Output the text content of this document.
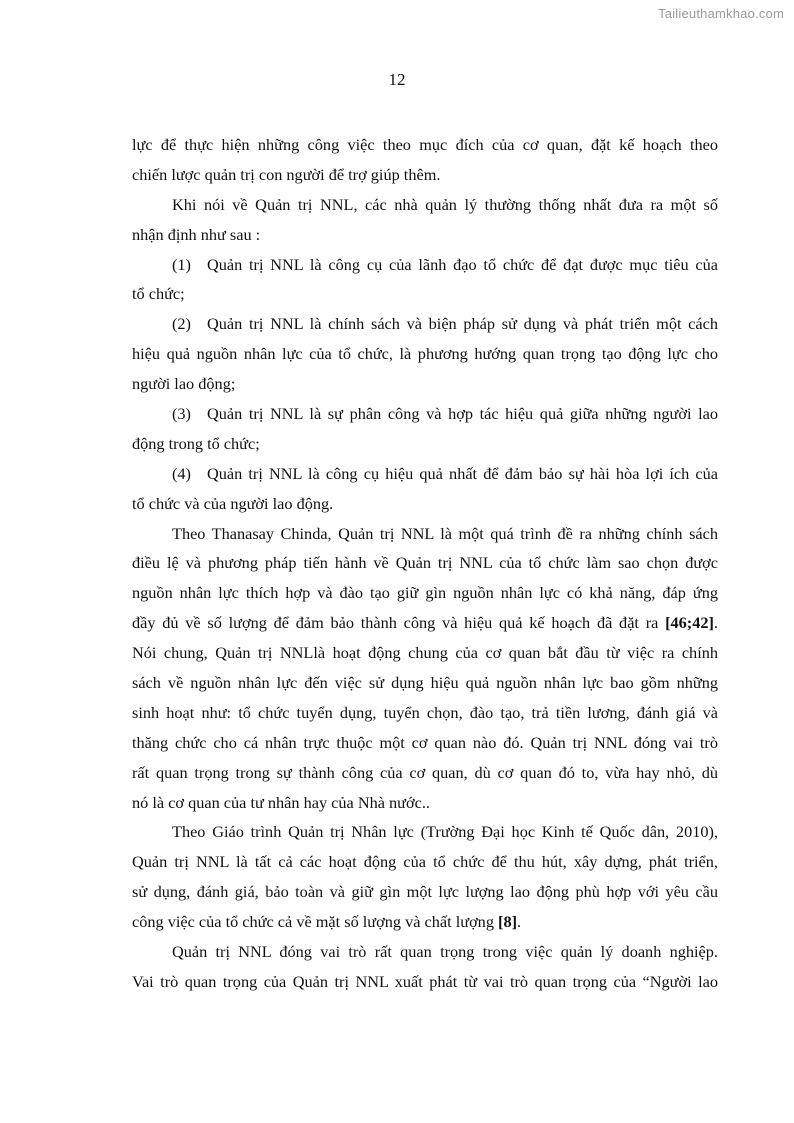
Tailieuthamkhao.com
12
lực để thực hiện những công việc theo mục đích của cơ quan, đặt kế hoạch theo
chiến lược quản trị con người để trợ giúp thêm.
Khi nói về Quản trị NNL, các nhà quản lý thường thống nhất đưa ra một số
nhận định như sau :
(1) Quản trị NNL là công cụ của lãnh đạo tổ chức để đạt được mục tiêu của
tổ chức;
(2) Quản trị NNL là chính sách và biện pháp sử dụng và phát triển một cách
hiệu quả nguồn nhân lực của tổ chức, là phương hướng quan trọng tạo động lực cho
người lao động;
(3) Quản trị NNL là sự phân công và hợp tác hiệu quả giữa những người lao
động trong tổ chức;
(4) Quản trị NNL là công cụ hiệu quả nhất để đảm bảo sự hài hòa lợi ích của
tổ chức và của người lao động.
Theo Thanasay Chinda, Quản trị NNL là một quá trình đề ra những chính sách
điều lệ và phương pháp tiến hành về Quản trị NNL của tổ chức làm sao chọn được
nguồn nhân lực thích hợp và đào tạo giữ gìn nguồn nhân lực có khả năng, đáp ứng
đầy đủ về số lượng để đảm bảo thành công và hiệu quả kế hoạch đã đặt ra [46;42].
Nói chung, Quản trị NNLlà hoạt động chung của cơ quan bắt đầu từ việc ra chính
sách về nguồn nhân lực đến việc sử dụng hiệu quả nguồn nhân lực bao gồm những
sinh hoạt như: tổ chức tuyển dụng, tuyển chọn, đào tạo, trả tiền lương, đánh giá và
thăng chức cho cá nhân trực thuộc một cơ quan nào đó. Quản trị NNL đóng vai trò
rất quan trọng trong sự thành công của cơ quan, dù cơ quan đó to, vừa hay nhỏ, dù
nó là cơ quan của tư nhân hay của Nhà nước..
Theo Giáo trình Quản trị Nhân lực (Trường Đại học Kinh tế Quốc dân, 2010),
Quản trị NNL là tất cả các hoạt động của tổ chức để thu hút, xây dựng, phát triển,
sử dụng, đánh giá, bảo toàn và giữ gìn một lực lượng lao động phù hợp với yêu cầu
công việc của tổ chức cả về mặt số lượng và chất lượng [8].
Quản trị NNL đóng vai trò rất quan trọng trong việc quản lý doanh nghiệp.
Vai trò quan trọng của Quản trị NNL xuất phát từ vai trò quan trọng của “Người lao
